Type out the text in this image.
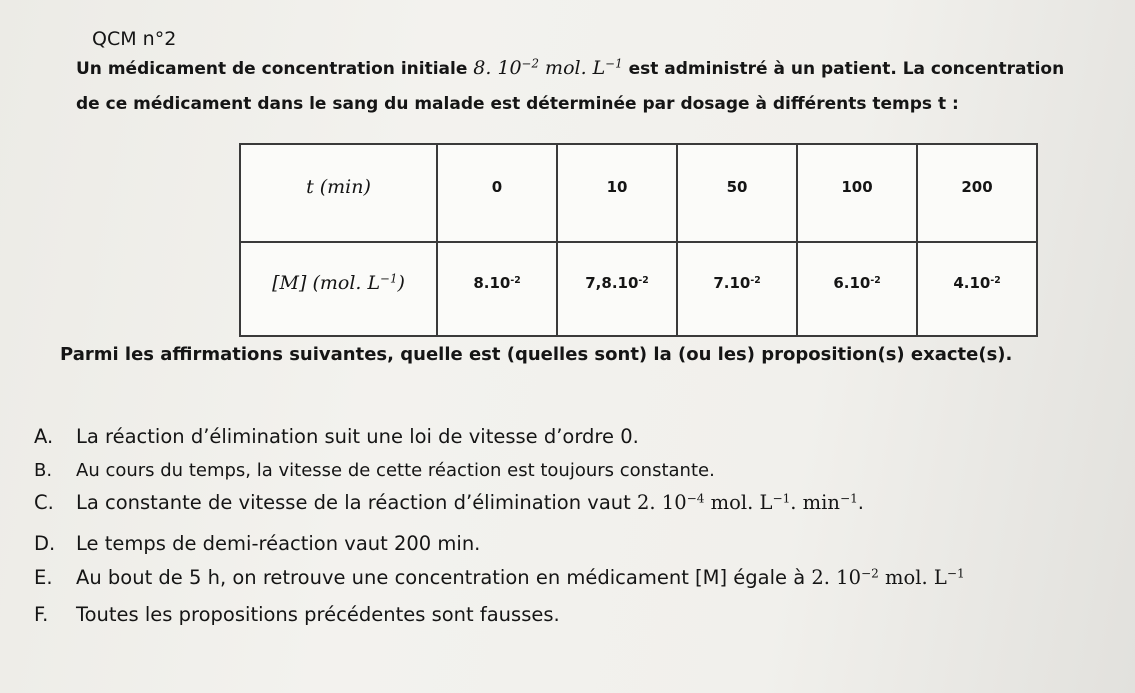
QCM n°2
Un médicament de concentration initiale 8. $10^{-2}$ mol. $L^{-1}$ est administré à un patient. La concentration
de ce médicament dans le sang du malade est déterminée par dosage à différents temps t :
t (min)	0	10	50	100	200
[M] (mol. $L^{-1}$)	$8.10^{-2}$	$7,8.10^{-2}$	$7.10^{-2}$	$6.10^{-2}$	$4.10^{-2}$
Parmi les affirmations suivantes, quelle est (quelles sont) la (ou les) proposition(s) exacte(s).
A. La réaction d’élimination suit une loi de vitesse d’ordre 0.
B. Au cours du temps, la vitesse de cette réaction est toujours constante.
C. La constante de vitesse de la réaction d’élimination vaut 2. $10^{-4}$ mol. $L^{-1}$. $\min^{-1}$.
D. Le temps de demi-réaction vaut 200 min.
E. Au bout de 5 h, on retrouve une concentration en médicament [M] égale à 2. $10^{-2}$ mol. $L^{-1}$
F. Toutes les propositions précédentes sont fausses.
